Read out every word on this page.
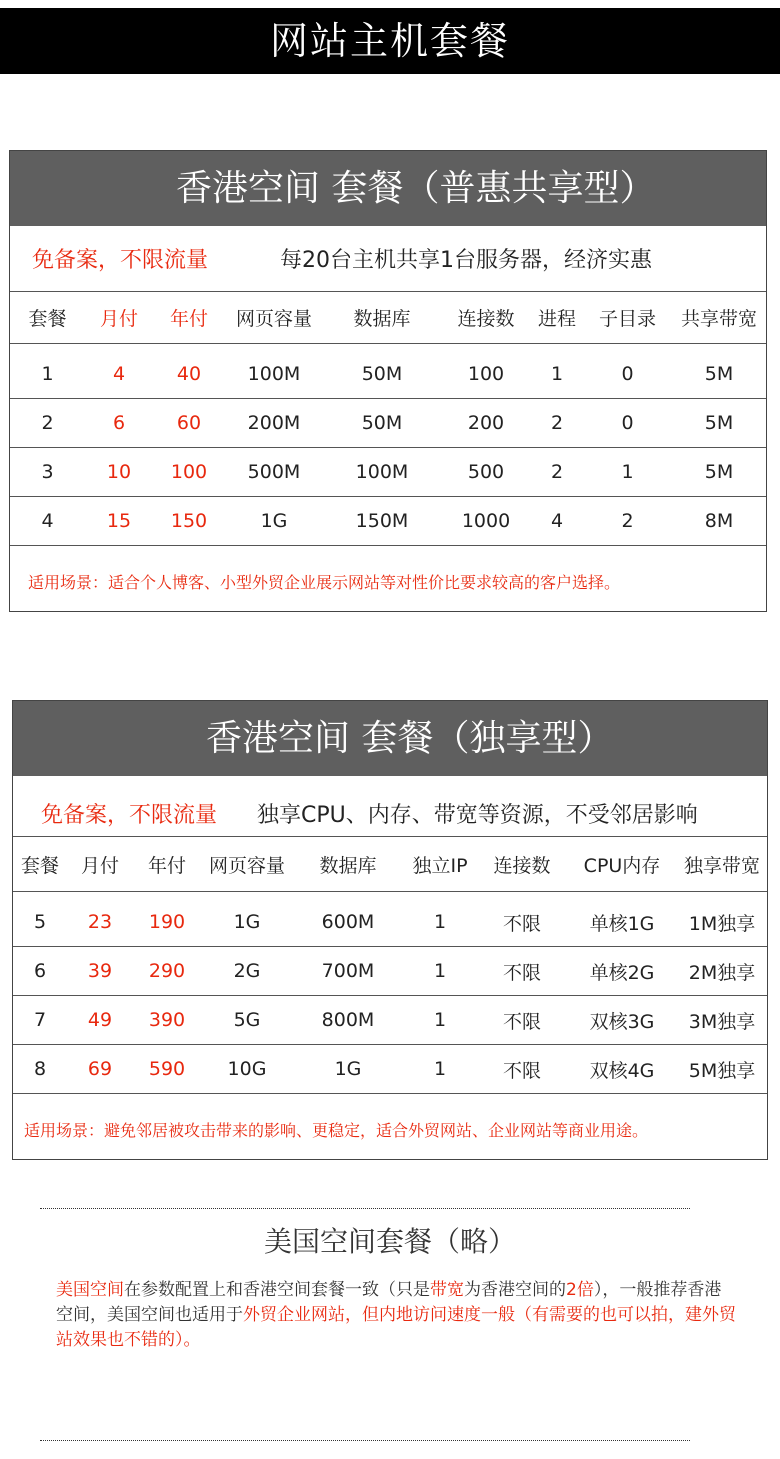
网站主机套餐
香港空间 套餐（普惠共享型）
免备案，不限流量	每20台主机共享1台服务器，经济实惠
套餐	月付	年付	网页容量	数据库	连接数	进程	子目录	共享带宽

1	4	40	100M	50M	100	1	0	5M
2	6	60	200M	50M	200	2	0	5M
3	10	100	500M	100M	500	2	1	5M
4	15	150	1G	150M	1000	4	2	8M
适用场景：适合个人博客、小型外贸企业展示网站等对性价比要求较高的客户选择。
香港空间 套餐（独享型）
免备案，不限流量 独享CPU、内存、带宽等资源，不受邻居影响
套餐	月付	年付	网页容量	数据库	独立IP	连接数	CPU内存	独享带宽

5	23	190	1G	600M	1	不限	单核1G	1M独享
6	39	290	2G	700M	1	不限	单核2G	2M独享
7	49	390	5G	800M	1	不限	双核3G	3M独享
8	69	590	10G	1G	1	不限	双核4G	5M独享
适用场景：避免邻居被攻击带来的影响、更稳定，适合外贸网站、企业网站等商业用途。
美国空间套餐（略）
美国空间在参数配置上和香港空间套餐一致（只是带宽为香港空间的2倍），一般推荐香港空间，美国空间也适用于外贸企业网站，但内地访问速度一般（有需要的也可以拍，建外贸站效果也不错的）。
